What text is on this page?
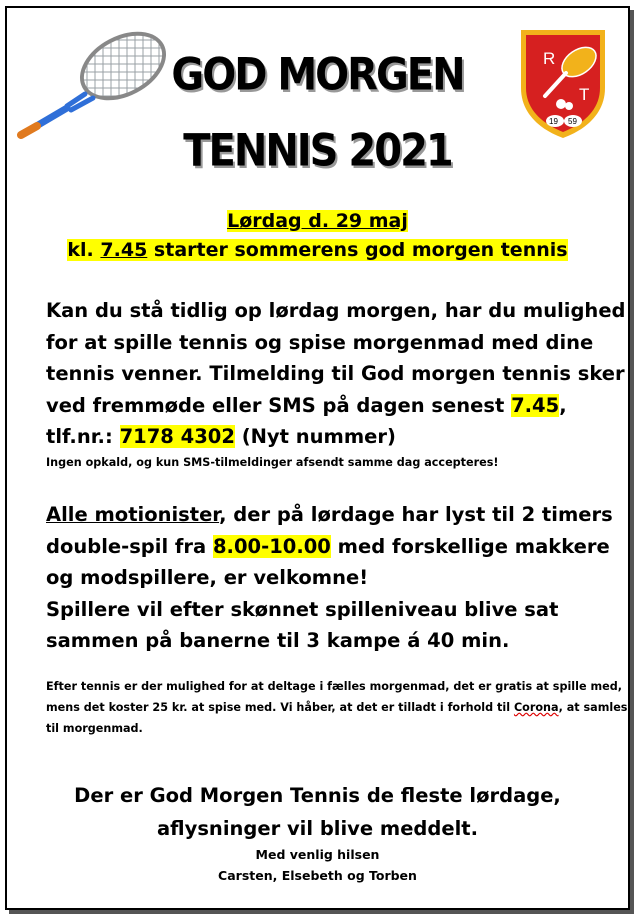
R
T
19 59
GOD MORGEN
TENNIS 2021
Lørdag d. 29 maj
kl. 7.45 starter sommerens god morgen tennis
Kan du stå tidlig op lørdag morgen, har du mulighed for at spille tennis og spise morgenmad med dine tennis venner. Tilmelding til God morgen tennis sker ved fremmøde eller SMS på dagen senest 7.45, tlf.nr.: 7178 4302 (Nyt nummer)
Ingen opkald, og kun SMS-tilmeldinger afsendt samme dag accepteres!
Alle motionister, der på lørdage har lyst til 2 timers double-spil fra 8.00-10.00 med forskellige makkere og modspillere, er velkomne!
Spillere vil efter skønnet spilleniveau blive sat sammen på banerne til 3 kampe á 40 min.
Efter tennis er der mulighed for at deltage i fælles morgenmad, det er gratis at spille med, mens det koster 25 kr. at spise med. Vi håber, at det er tilladt i forhold til Corona, at samles til morgenmad.
Der er God Morgen Tennis de fleste lørdage,
aflysninger vil blive meddelt.
Med venlig hilsen
Carsten, Elsebeth og Torben
